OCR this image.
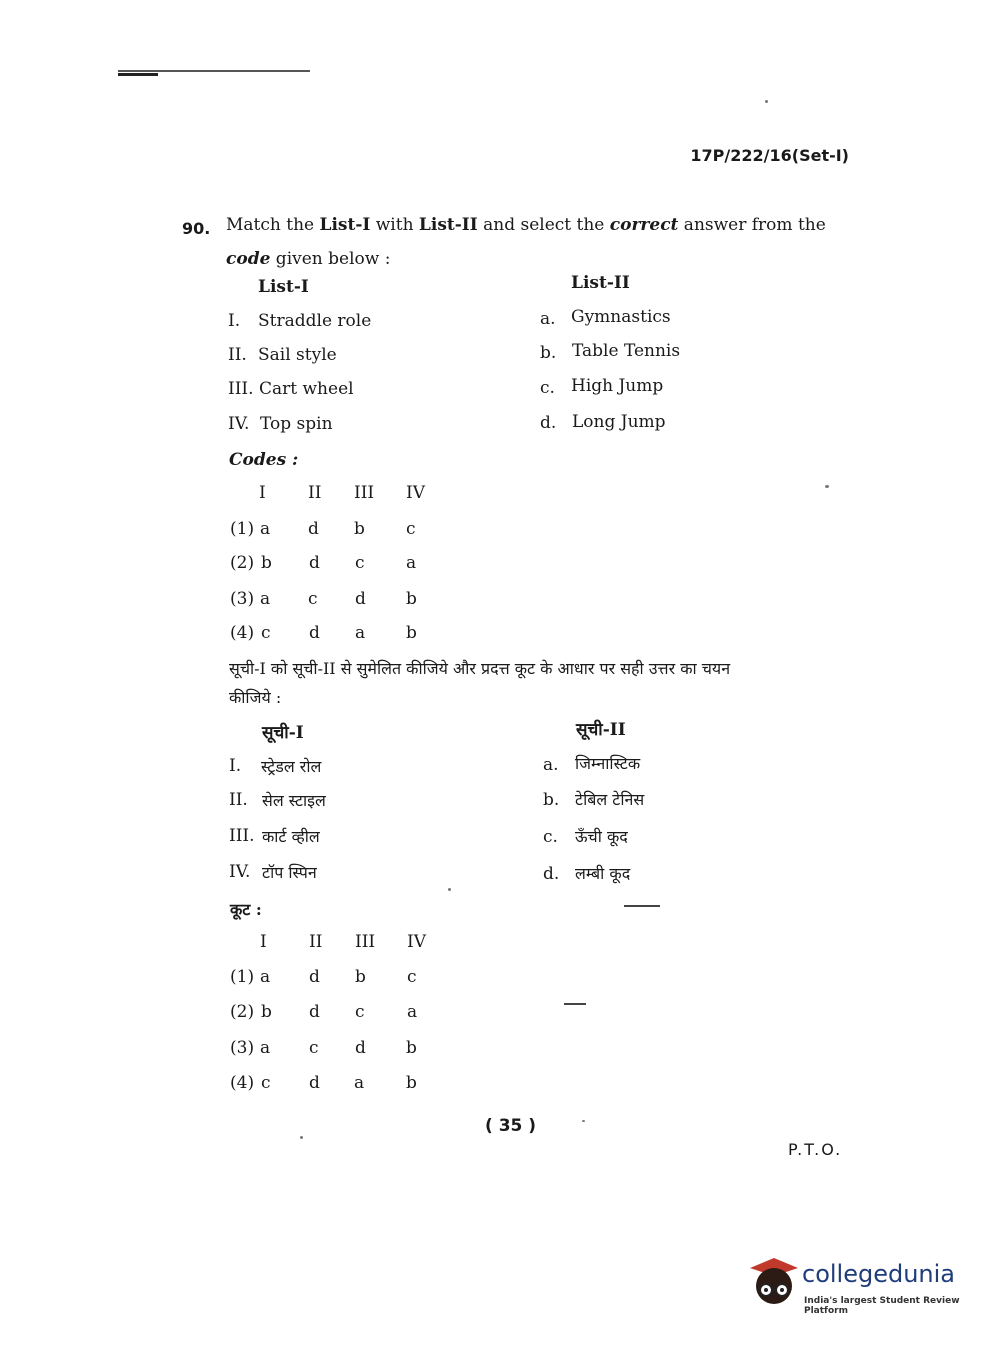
17P/222/16(Set-I)
90. Match the List-I with List-II and select the correct answer from the code given below :
List-I	List-II
I. Straddle role
II. Sail style
III. Cart wheel
IV. Top spin
a. Gymnastics
b. Table Tennis
c. High Jump
d. Long Jump
Codes :
I II III IV
(1) a d b c
(2) b d c a
(3) a c d b
(4) c d a b
सूची-I को सूची-II से सुमेलित कीजिये और प्रदत्त कूट के आधार पर सही उत्तर का चयन
कीजिये :
सूची-I	सूची-II
I. स्ट्रेडल रोल
II. सेल स्टाइल
III. कार्ट व्हील
IV. टॉप स्पिन
a. जिम्नास्टिक
b. टेबिल टेनिस
c. ऊँची कूद
d. लम्बी कूद
कूट :
I II III IV
(1) a d b c
(2) b d c a
(3) a c d b
(4) c d a b
( 35 )
P.T.O.
collegedunia
India's largest Student Review Platform
